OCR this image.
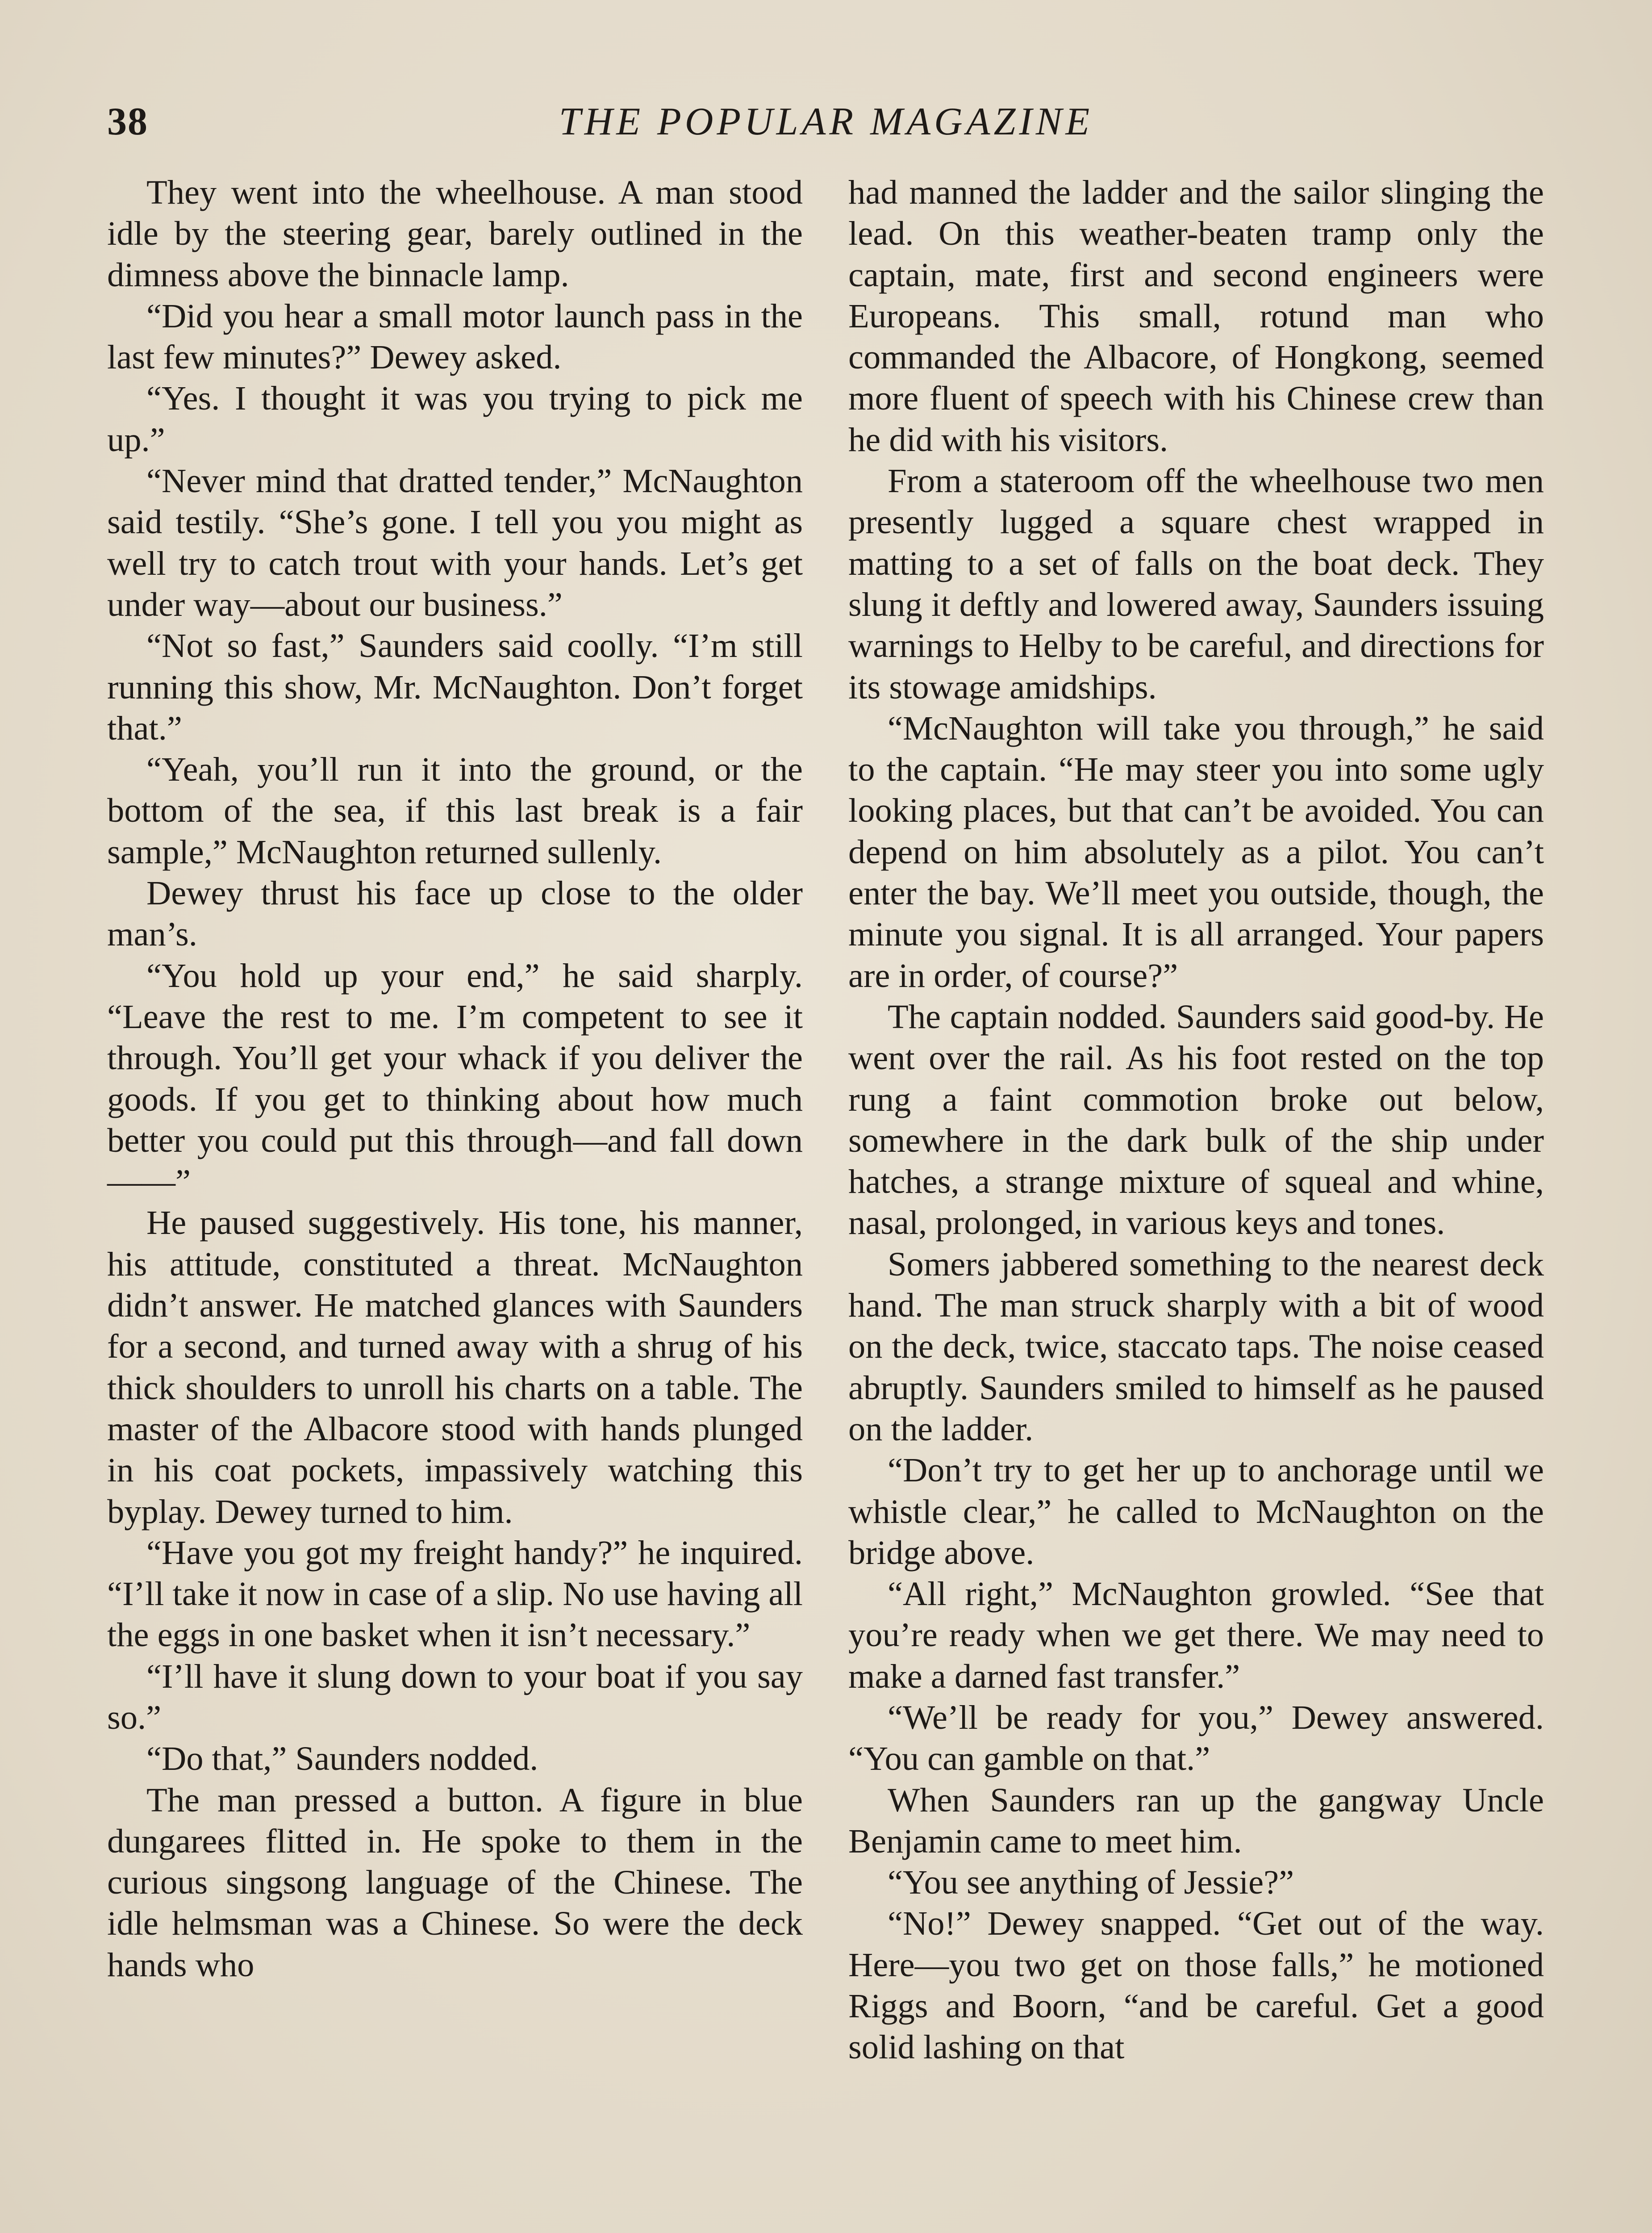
38	THE POPULAR MAGAZINE

They went into the wheelhouse. A man stood idle by the steering gear, barely outlined in the dimness above the binnacle lamp.

“Did you hear a small motor launch pass in the last few minutes?” Dewey asked.

“Yes. I thought it was you trying to pick me up.”

“Never mind that dratted tender,” McNaughton said testily. “She’s gone. I tell you you might as well try to catch trout with your hands. Let’s get under way—about our business.”

“Not so fast,” Saunders said coolly. “I’m still running this show, Mr. McNaughton. Don’t forget that.”

“Yeah, you’ll run it into the ground, or the bottom of the sea, if this last break is a fair sample,” McNaughton returned sullenly.

Dewey thrust his face up close to the older man’s.

“You hold up your end,” he said sharply. “Leave the rest to me. I’m competent to see it through. You’ll get your whack if you deliver the goods. If you get to thinking about how much better you could put this through—and fall down——”

He paused suggestively. His tone, his manner, his attitude, constituted a threat. McNaughton didn’t answer. He matched glances with Saunders for a second, and turned away with a shrug of his thick shoulders to unroll his charts on a table. The master of the Albacore stood with hands plunged in his coat pockets, impassively watching this byplay. Dewey turned to him.

“Have you got my freight handy?” he inquired. “I’ll take it now in case of a slip. No use having all the eggs in one basket when it isn’t necessary.”

“I’ll have it slung down to your boat if you say so.”

“Do that,” Saunders nodded.

The man pressed a button. A figure in blue dungarees flitted in. He spoke to them in the curious singsong language of the Chinese. The idle helmsman was a Chinese. So were the deck hands who

had manned the ladder and the sailor slinging the lead. On this weather-beaten tramp only the captain, mate, first and second engineers were Europeans. This small, rotund man who commanded the Albacore, of Hongkong, seemed more fluent of speech with his Chinese crew than he did with his visitors.

From a stateroom off the wheelhouse two men presently lugged a square chest wrapped in matting to a set of falls on the boat deck. They slung it deftly and lowered away, Saunders issuing warnings to Helby to be careful, and directions for its stowage amidships.

“McNaughton will take you through,” he said to the captain. “He may steer you into some ugly looking places, but that can’t be avoided. You can depend on him absolutely as a pilot. You can’t enter the bay. We’ll meet you outside, though, the minute you signal. It is all arranged. Your papers are in order, of course?”

The captain nodded. Saunders said good-by. He went over the rail. As his foot rested on the top rung a faint commotion broke out below, somewhere in the dark bulk of the ship under hatches, a strange mixture of squeal and whine, nasal, prolonged, in various keys and tones.

Somers jabbered something to the nearest deck hand. The man struck sharply with a bit of wood on the deck, twice, staccato taps. The noise ceased abruptly. Saunders smiled to himself as he paused on the ladder.

“Don’t try to get her up to anchorage until we whistle clear,” he called to McNaughton on the bridge above.

“All right,” McNaughton growled. “See that you’re ready when we get there. We may need to make a darned fast transfer.”

“We’ll be ready for you,” Dewey answered. “You can gamble on that.”

When Saunders ran up the gangway Uncle Benjamin came to meet him.

“You see anything of Jessie?”

“No!” Dewey snapped. “Get out of the way. Here—you two get on those falls,” he motioned Riggs and Boorn, “and be careful. Get a good solid lashing on that
